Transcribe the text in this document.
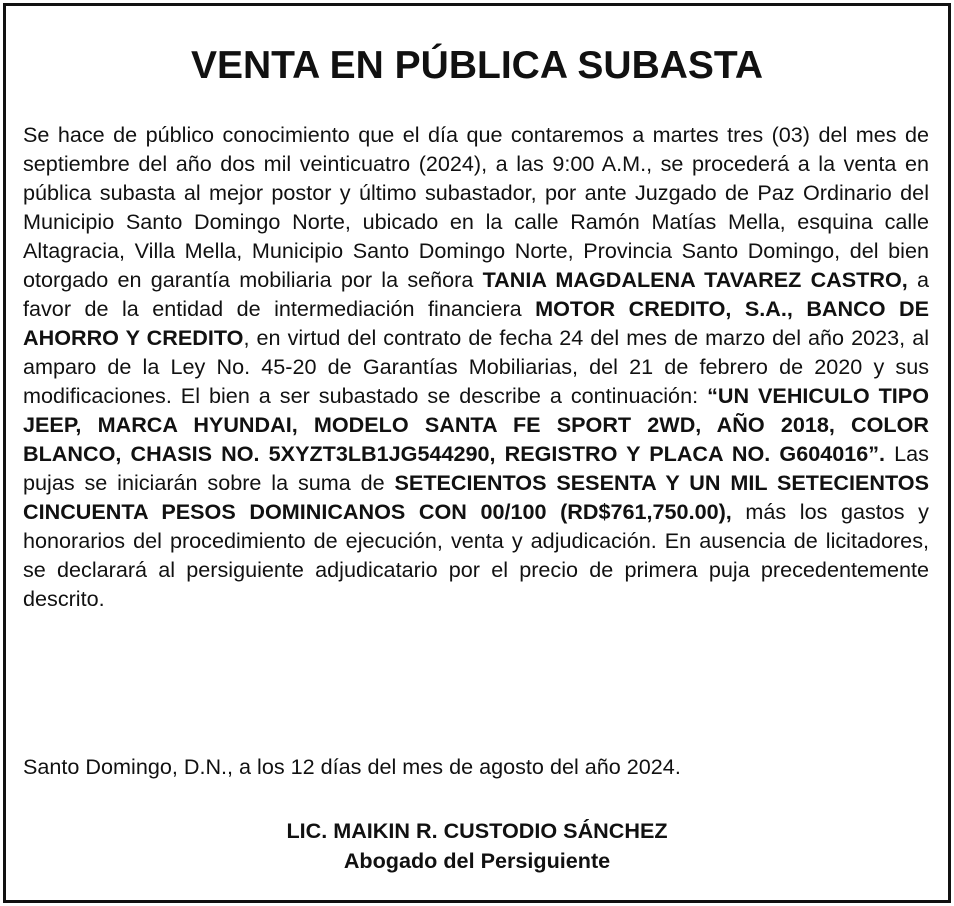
VENTA EN PÚBLICA SUBASTA

Se hace de público conocimiento que el día que contaremos a martes tres (03) del mes de septiembre del año dos mil veinticuatro (2024), a las 9:00 A.M., se procederá a la venta en pública subasta al mejor postor y último subastador, por ante Juzgado de Paz Ordinario del Municipio Santo Domingo Norte, ubicado en la calle Ramón Matías Mella, esquina calle Altagracia, Villa Mella, Municipio Santo Domingo Norte, Provincia Santo Domingo, del bien otorgado en garantía mobiliaria por la señora TANIA MAGDALENA TAVAREZ CASTRO, a favor de la entidad de intermediación financiera MOTOR CREDITO, S.A., BANCO DE AHORRO Y CREDITO, en virtud del contrato de fecha 24 del mes de marzo del año 2023, al amparo de la Ley No. 45-20 de Garantías Mobiliarias, del 21 de febrero de 2020 y sus modificaciones. El bien a ser subastado se describe a continuación: “UN VEHICULO TIPO JEEP, MARCA HYUNDAI, MODELO SANTA FE SPORT 2WD, AÑO 2018, COLOR BLANCO, CHASIS NO. 5XYZT3LB1JG544290, REGISTRO Y PLACA NO. G604016”. Las pujas se iniciarán sobre la suma de SETECIENTOS SESENTA Y UN MIL SETECIENTOS CINCUENTA PESOS DOMINICANOS CON 00/100 (RD$761,750.00), más los gastos y honorarios del procedimiento de ejecución, venta y adjudicación. En ausencia de licitadores, se declarará al persiguiente adjudicatario por el precio de primera puja precedentemente descrito.

Santo Domingo, D.N., a los 12 días del mes de agosto del año 2024.

LIC. MAIKIN R. CUSTODIO SÁNCHEZ
Abogado del Persiguiente
